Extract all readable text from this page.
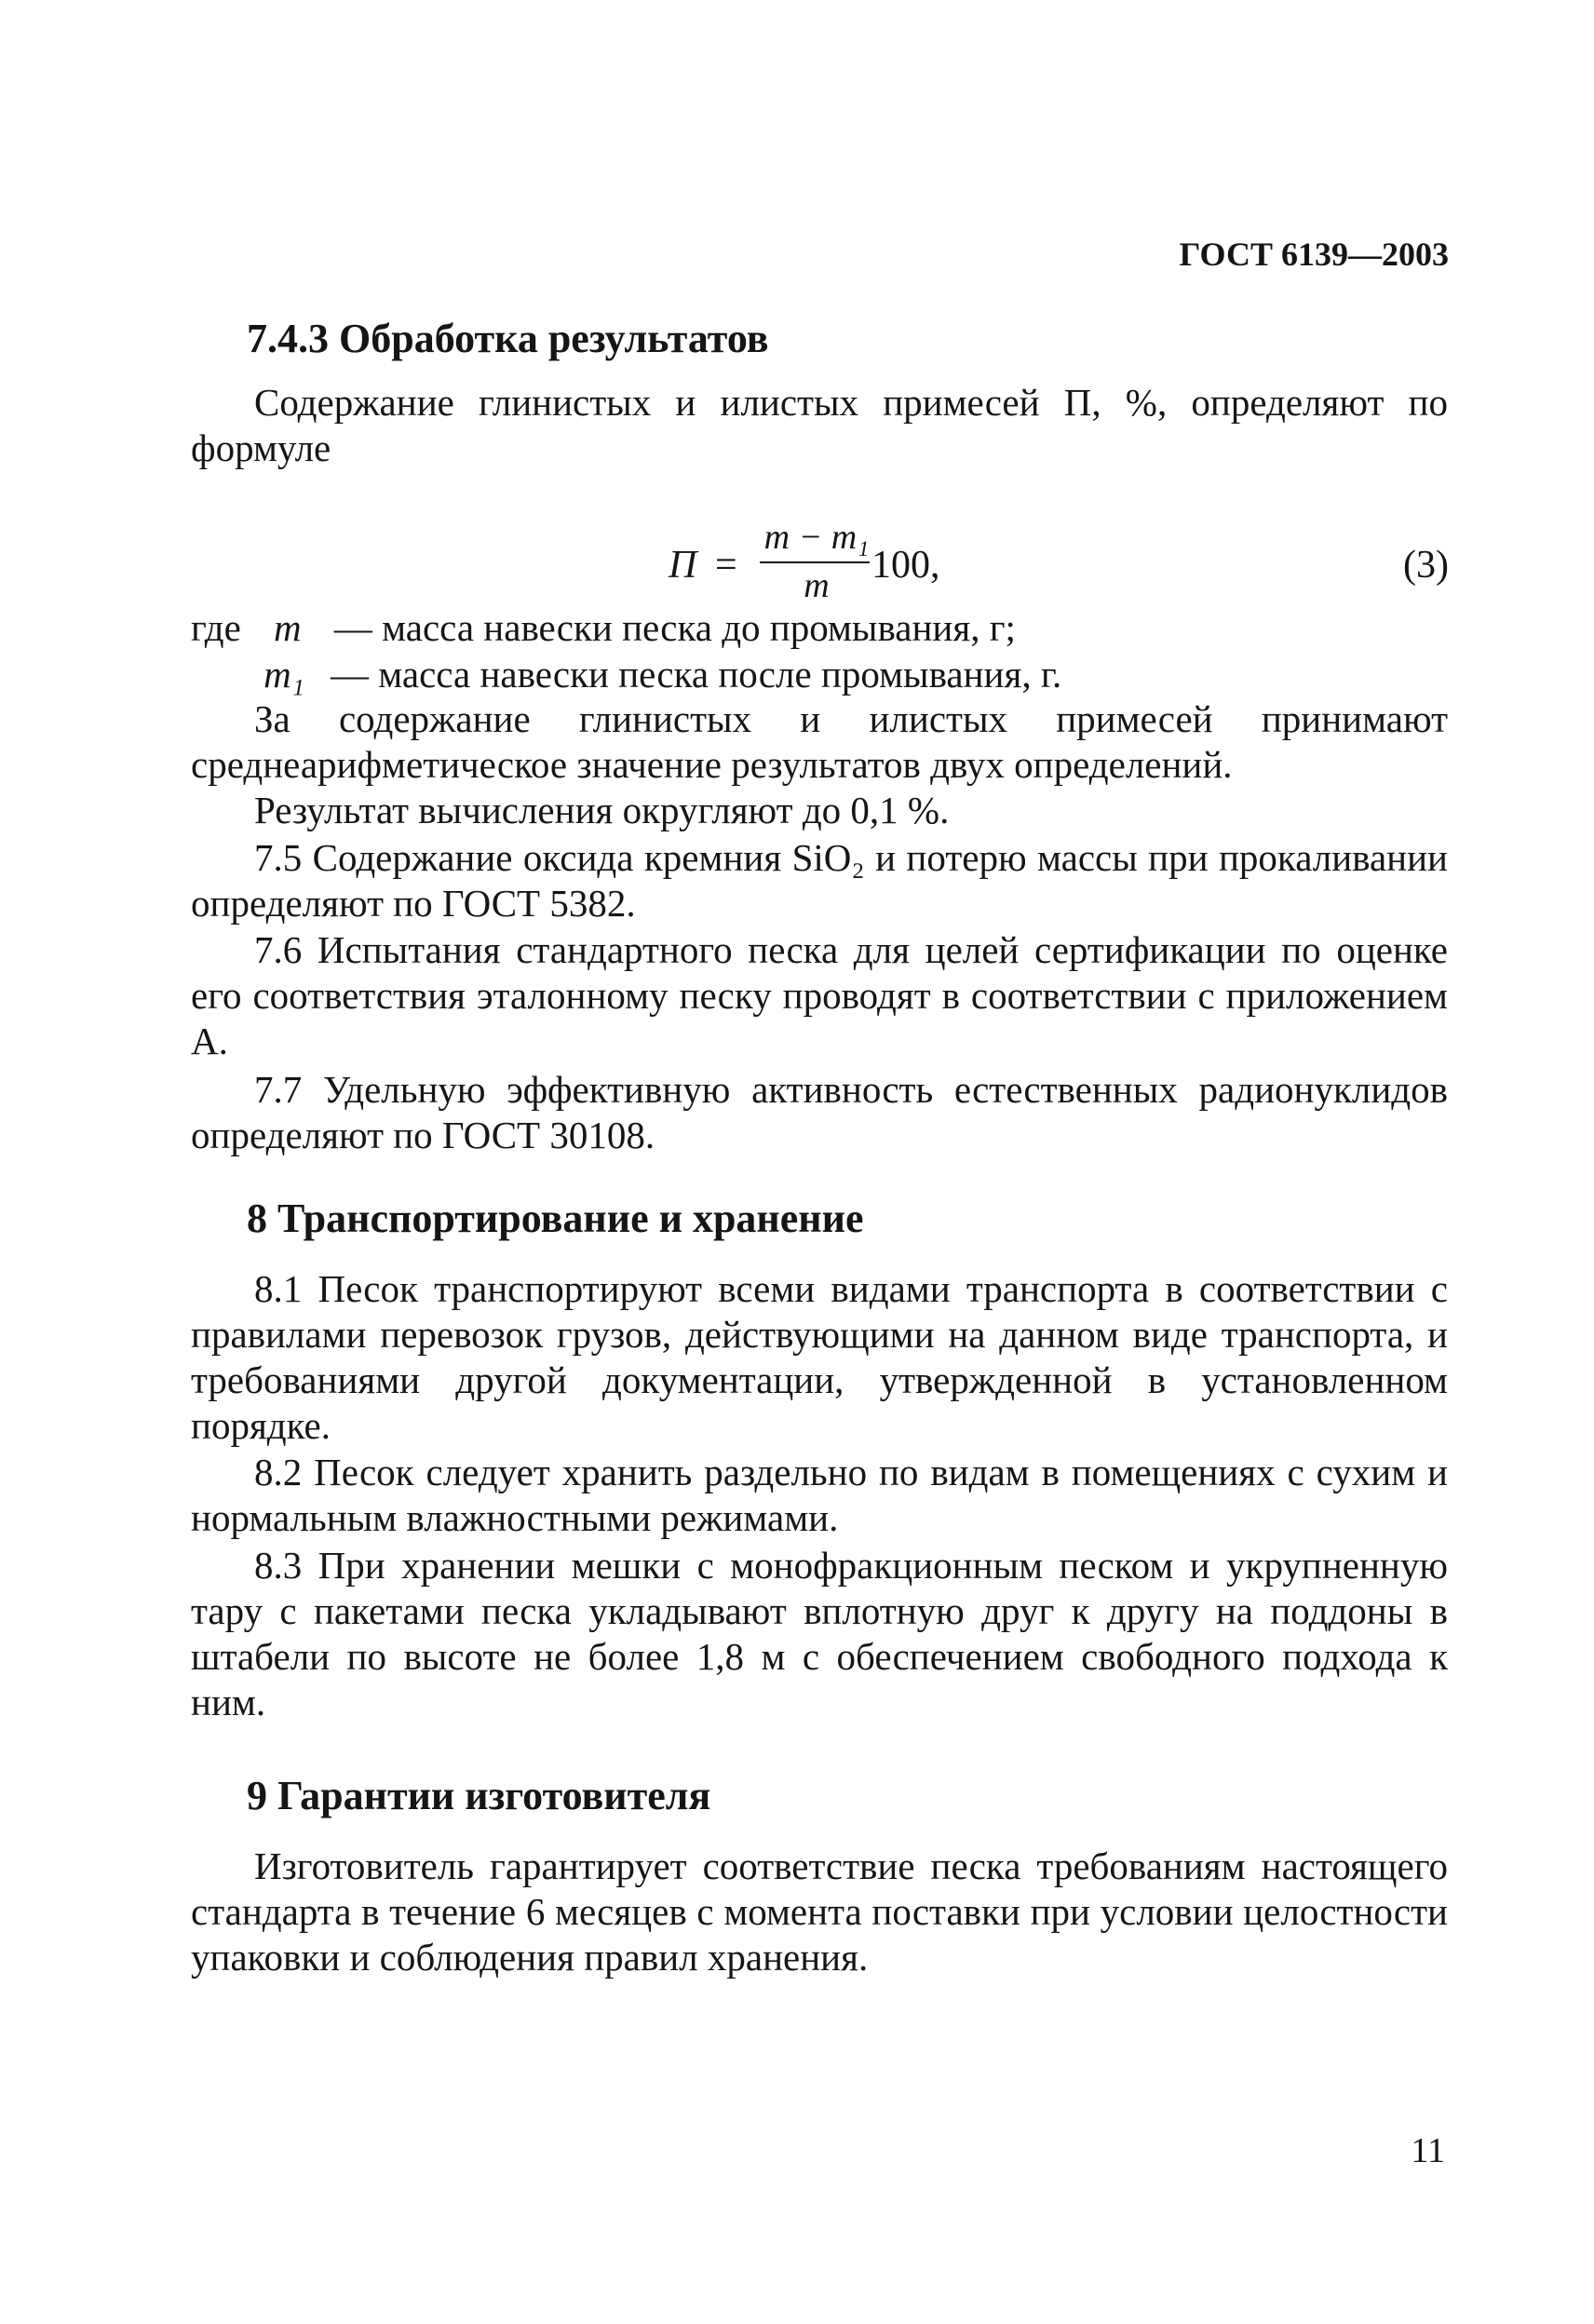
ГОСТ 6139—2003
7.4.3 Обработка результатов
Содержание глинистых и илистых примесей П, %, определяют по формуле
П =
m − m₁
m	100,	(3)
где m — масса навески песка до промывания, г;
m₁ — масса навески песка после промывания, г.
За содержание глинистых и илистых примесей принимают среднеарифметическое значение результатов двух определений.
Результат вычисления округляют до 0,1 %.
7.5 Содержание оксида кремния SiO₂ и потерю массы при прокаливании определяют по ГОСТ 5382.
7.6 Испытания стандартного песка для целей сертификации по оценке его соответствия эталонному песку проводят в соответствии с приложением А.
7.7 Удельную эффективную активность естественных радионуклидов определяют по ГОСТ 30108.
8 Транспортирование и хранение
8.1 Песок транспортируют всеми видами транспорта в соответствии с правилами перевозок грузов, действующими на данном виде транспорта, и требованиями другой документации, утвержденной в установленном порядке.
8.2 Песок следует хранить раздельно по видам в помещениях с сухим и нормальным влажностными режимами.
8.3 При хранении мешки с монофракционным песком и укрупненную тару с пакетами песка укладывают вплотную друг к другу на поддоны в штабели по высоте не более 1,8 м с обеспечением свободного подхода к ним.
9 Гарантии изготовителя
Изготовитель гарантирует соответствие песка требованиям настоящего стандарта в течение 6 месяцев с момента поставки при условии целостности упаковки и соблюдения правил хранения.
11
